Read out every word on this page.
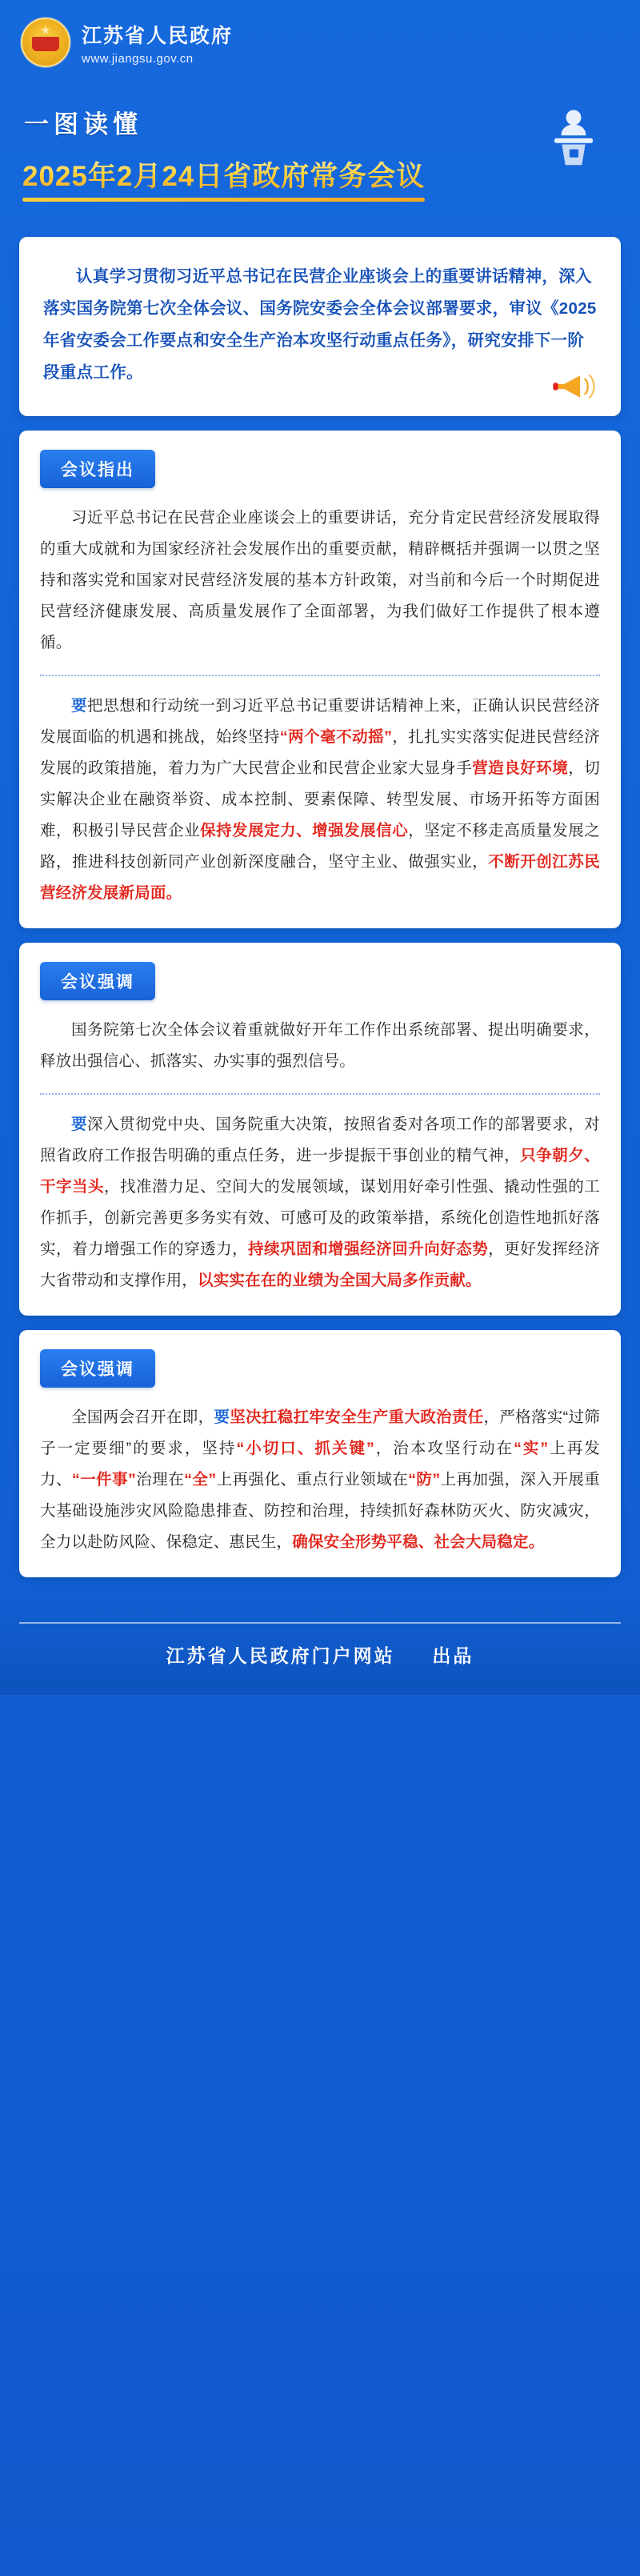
★
江苏省人民政府
www.jiangsu.gov.cn
一图读懂
2025年2月24日省政府常务会议
认真学习贯彻习近平总书记在民营企业座谈会上的重要讲话精神，深入落实国务院第七次全体会议、国务院安委会全体会议部署要求，审议《2025年省安委会工作要点和安全生产治本攻坚行动重点任务》，研究安排下一阶段重点工作。
会议指出

习近平总书记在民营企业座谈会上的重要讲话，充分肯定民营经济发展取得的重大成就和为国家经济社会发展作出的重要贡献，精辟概括并强调一以贯之坚持和落实党和国家对民营经济发展的基本方针政策，对当前和今后一个时期促进民营经济健康发展、高质量发展作了全面部署，为我们做好工作提供了根本遵循。

要把思想和行动统一到习近平总书记重要讲话精神上来，正确认识民营经济发展面临的机遇和挑战，始终坚持“两个毫不动摇”，扎扎实实落实促进民营经济发展的政策措施，着力为广大民营企业和民营企业家大显身手营造良好环境，切实解决企业在融资举资、成本控制、要素保障、转型发展、市场开拓等方面困难，积极引导民营企业保持发展定力、增强发展信心，坚定不移走高质量发展之路，推进科技创新同产业创新深度融合，坚守主业、做强实业，不断开创江苏民营经济发展新局面。

会议强调

国务院第七次全体会议着重就做好开年工作作出系统部署、提出明确要求，释放出强信心、抓落实、办实事的强烈信号。

要深入贯彻党中央、国务院重大决策，按照省委对各项工作的部署要求，对照省政府工作报告明确的重点任务，进一步提振干事创业的精气神，只争朝夕、干字当头，找准潜力足、空间大的发展领域，谋划用好牵引性强、撬动性强的工作抓手，创新完善更多务实有效、可感可及的政策举措，系统化创造性地抓好落实，着力增强工作的穿透力，持续巩固和增强经济回升向好态势，更好发挥经济大省带动和支撑作用，以实实在在的业绩为全国大局多作贡献。

会议强调

全国两会召开在即，要坚决扛稳扛牢安全生产重大政治责任，严格落实“过筛子一定要细”的要求，坚持“小切口、抓关键”，治本攻坚行动在“实”上再发力、“一件事”治理在“全”上再强化、重点行业领域在“防”上再加强，深入开展重大基础设施涉灾风险隐患排查、防控和治理，持续抓好森林防灭火、防灾减灾，全力以赴防风险、保稳定、惠民生，确保安全形势平稳、社会大局稳定。

江苏省人民政府门户网站 出品
